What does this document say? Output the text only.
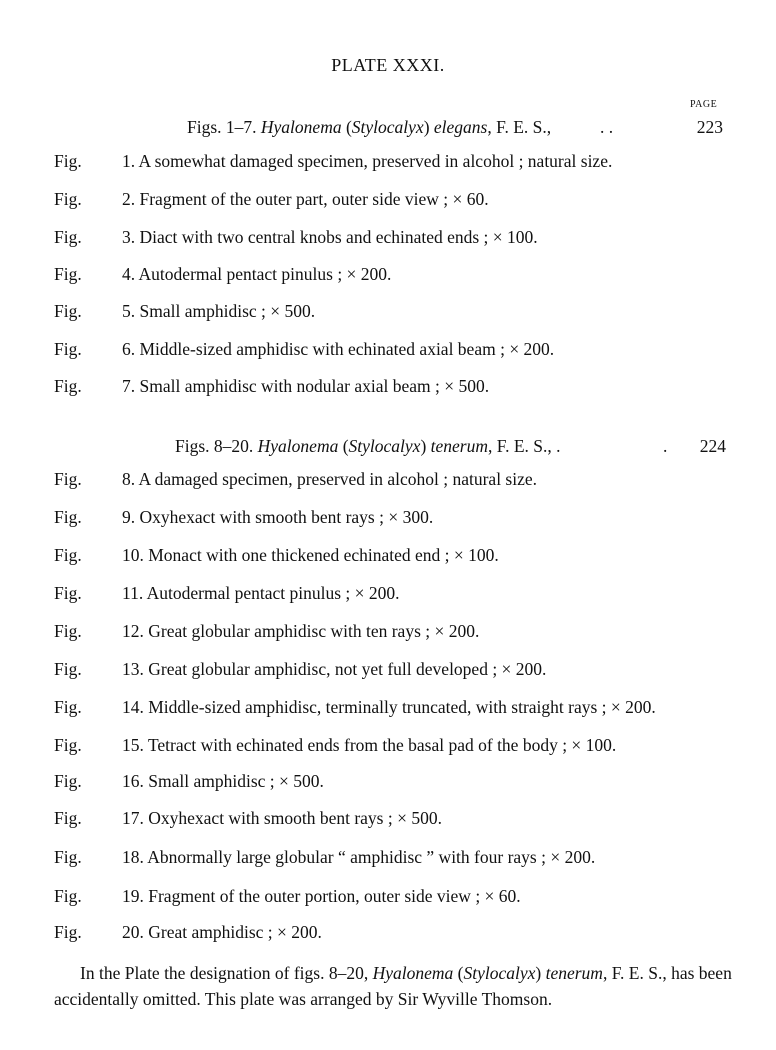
PLATE XXXI.
PAGE
Figs. 1–7. Hyalonema (Stylocalyx) elegans, F. E. S.,	. .	223
Figs. 8–20. Hyalonema (Stylocalyx) tenerum, F. E. S., .	. 224
Fig. 1. A somewhat damaged specimen, preserved in alcohol ; natural size.
Fig. 2. Fragment of the outer part, outer side view ; × 60.
Fig. 3. Diact with two central knobs and echinated ends ; × 100.
Fig. 4. Autodermal pentact pinulus ; × 200.
Fig. 5. Small amphidisc ; × 500.
Fig. 6. Middle-sized amphidisc with echinated axial beam ; × 200.
Fig. 7. Small amphidisc with nodular axial beam ; × 500.
Fig. 8. A damaged specimen, preserved in alcohol ; natural size.
Fig. 9. Oxyhexact with smooth bent rays ; × 300.
Fig. 10. Monact with one thickened echinated end ; × 100.
Fig. 11. Autodermal pentact pinulus ; × 200.
Fig. 12. Great globular amphidisc with ten rays ; × 200.
Fig. 13. Great globular amphidisc, not yet full developed ; × 200.
Fig. 14. Middle-sized amphidisc, terminally truncated, with straight rays ; × 200.
Fig. 15. Tetract with echinated ends from the basal pad of the body ; × 100.
Fig. 16. Small amphidisc ; × 500.
Fig. 17. Oxyhexact with smooth bent rays ; × 500.
Fig. 18. Abnormally large globular “ amphidisc ” with four rays ; × 200.
Fig. 19. Fragment of the outer portion, outer side view ; × 60.
Fig. 20. Great amphidisc ; × 200.
In the Plate the designation of figs. 8–20, Hyalonema (Stylocalyx) tenerum, F. E. S., has been accidentally omitted. This plate was arranged by Sir Wyville Thomson.
